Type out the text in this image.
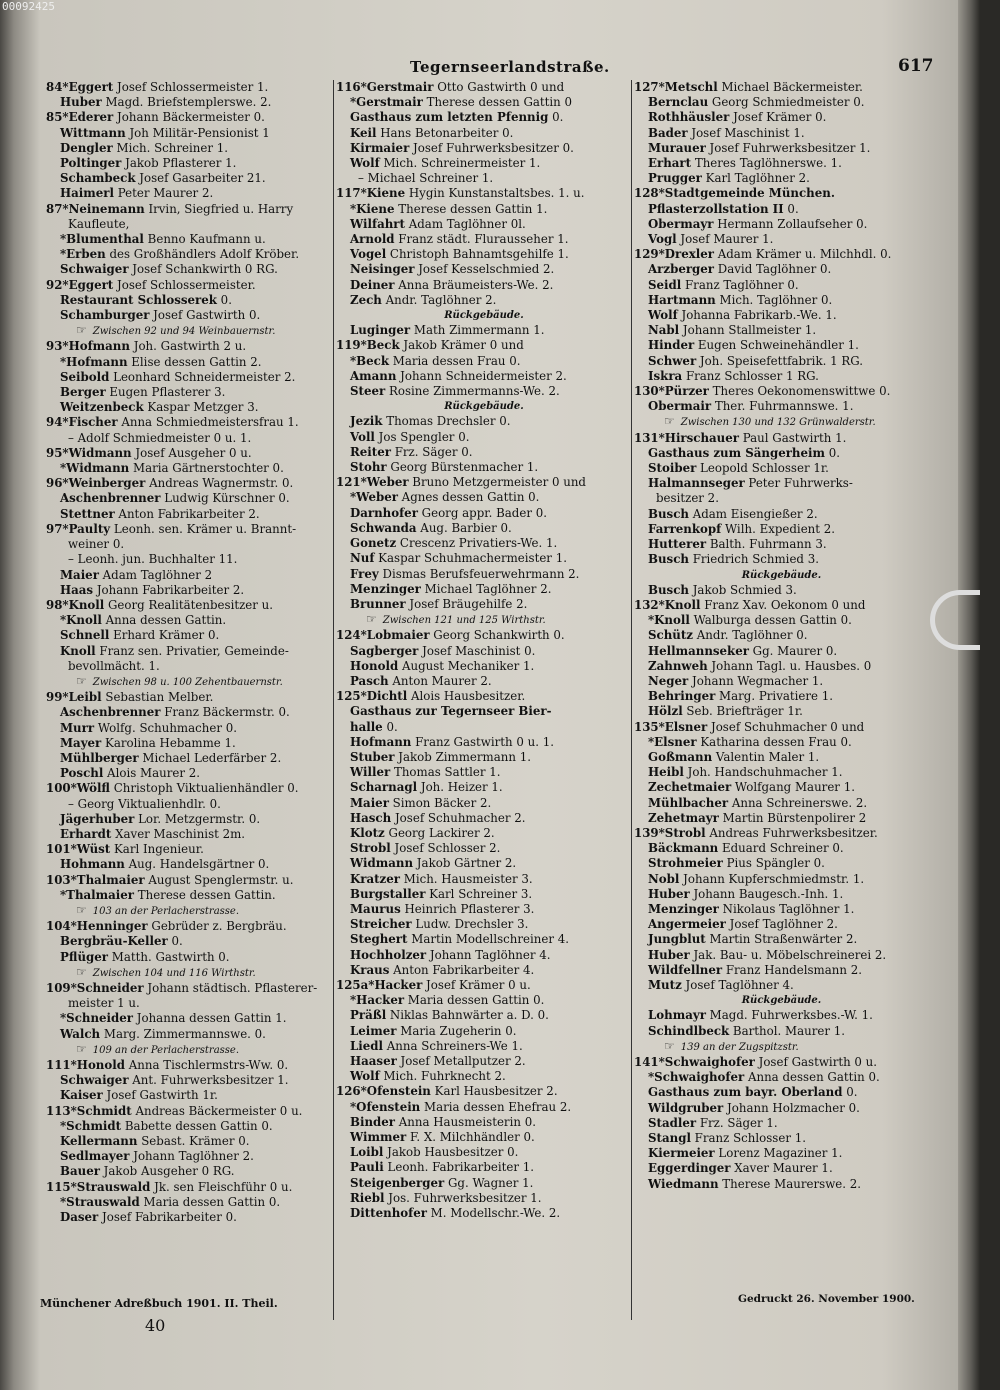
00092425
Tegernseerlandstraße.	617
84*Eggert Josef Schlossermeister 1.
Huber Magd. Briefstemplerswe. 2.
85*Ederer Johann Bäckermeister 0.
Wittmann Joh Militär-Pensionist 1
Dengler Mich. Schreiner 1.
Poltinger Jakob Pflasterer 1.
Schambeck Josef Gasarbeiter 21.
Haimerl Peter Maurer 2.
87*Neinemann Irvin, Siegfried u. Harry
Kaufleute,
*Blumenthal Benno Kaufmann u.
*Erben des Großhändlers Adolf Kröber.
Schwaiger Josef Schankwirth 0 RG.
92*Eggert Josef Schlossermeister.
Restaurant Schlosserek 0.
Schamburger Josef Gastwirth 0.
☞ Zwischen 92 und 94 Weinbauernstr.
93*Hofmann Joh. Gastwirth 2 u.
*Hofmann Elise dessen Gattin 2.
Seibold Leonhard Schneidermeister 2.
Berger Eugen Pflasterer 3.
Weitzenbeck Kaspar Metzger 3.
94*Fischer Anna Schmiedmeistersfrau 1.
– Adolf Schmiedmeister 0 u. 1.
95*Widmann Josef Ausgeher 0 u.
*Widmann Maria Gärtnerstochter 0.
96*Weinberger Andreas Wagnermstr. 0.
Aschenbrenner Ludwig Kürschner 0.
Stettner Anton Fabrikarbeiter 2.
97*Paulty Leonh. sen. Krämer u. Brannt-
weiner 0.
– Leonh. jun. Buchhalter 11.
Maier Adam Taglöhner 2
Haas Johann Fabrikarbeiter 2.
98*Knoll Georg Realitätenbesitzer u.
*Knoll Anna dessen Gattin.
Schnell Erhard Krämer 0.
Knoll Franz sen. Privatier, Gemeinde-
bevollmächt. 1.
☞ Zwischen 98 u. 100 Zehentbauernstr.
99*Leibl Sebastian Melber.
Aschenbrenner Franz Bäckermstr. 0.
Murr Wolfg. Schuhmacher 0.
Mayer Karolina Hebamme 1.
Mühlberger Michael Lederfärber 2.
Poschl Alois Maurer 2.
100*Wölfl Christoph Viktualienhändler 0.
– Georg Viktualienhdlr. 0.
Jägerhuber Lor. Metzgermstr. 0.
Erhardt Xaver Maschinist 2m.
101*Wüst Karl Ingenieur.
Hohmann Aug. Handelsgärtner 0.
103*Thalmaier August Spenglermstr. u.
*Thalmaier Therese dessen Gattin.
☞ 103 an der Perlacherstrasse.
104*Henninger Gebrüder z. Bergbräu.
Bergbräu-Keller 0.
Pflüger Matth. Gastwirth 0.
☞ Zwischen 104 und 116 Wirthstr.
109*Schneider Johann städtisch. Pflasterer-
meister 1 u.
*Schneider Johanna dessen Gattin 1.
Walch Marg. Zimmermannswe. 0.
☞ 109 an der Perlacherstrasse.
111*Honold Anna Tischlermstrs-Ww. 0.
Schwaiger Ant. Fuhrwerksbesitzer 1.
Kaiser Josef Gastwirth 1r.
113*Schmidt Andreas Bäckermeister 0 u.
*Schmidt Babette dessen Gattin 0.
Kellermann Sebast. Krämer 0.
Sedlmayer Johann Taglöhner 2.
Bauer Jakob Ausgeher 0 RG.
115*Strauswald Jk. sen Fleischführ 0 u.
*Strauswald Maria dessen Gattin 0.
Daser Josef Fabrikarbeiter 0.
116*Gerstmair Otto Gastwirth 0 und
*Gerstmair Therese dessen Gattin 0
Gasthaus zum letzten Pfennig 0.
Keil Hans Betonarbeiter 0.
Kirmaier Josef Fuhrwerksbesitzer 0.
Wolf Mich. Schreinermeister 1.
– Michael Schreiner 1.
117*Kiene Hygin Kunstanstaltsbes. 1. u.
*Kiene Therese dessen Gattin 1.
Wilfahrt Adam Taglöhner 0l.
Arnold Franz städt. Flurausseher 1.
Vogel Christoph Bahnamtsgehilfe 1.
Neisinger Josef Kesselschmied 2.
Deiner Anna Bräumeisters-We. 2.
Zech Andr. Taglöhner 2.
Rückgebäude.
Luginger Math Zimmermann 1.
119*Beck Jakob Krämer 0 und
*Beck Maria dessen Frau 0.
Amann Johann Schneidermeister 2.
Steer Rosine Zimmermanns-We. 2.
Rückgebäude.
Jezik Thomas Drechsler 0.
Voll Jos Spengler 0.
Reiter Frz. Säger 0.
Stohr Georg Bürstenmacher 1.
121*Weber Bruno Metzgermeister 0 und
*Weber Agnes dessen Gattin 0.
Darnhofer Georg appr. Bader 0.
Schwanda Aug. Barbier 0.
Gonetz Crescenz Privatiers-We. 1.
Nuf Kaspar Schuhmachermeister 1.
Frey Dismas Berufsfeuerwehrmann 2.
Menzinger Michael Taglöhner 2.
Brunner Josef Bräugehilfe 2.
☞ Zwischen 121 und 125 Wirthstr.
124*Lobmaier Georg Schankwirth 0.
Sagberger Josef Maschinist 0.
Honold August Mechaniker 1.
Pasch Anton Maurer 2.
125*Dichtl Alois Hausbesitzer.
Gasthaus zur Tegernseer Bier-
halle 0.
Hofmann Franz Gastwirth 0 u. 1.
Stuber Jakob Zimmermann 1.
Willer Thomas Sattler 1.
Scharnagl Joh. Heizer 1.
Maier Simon Bäcker 2.
Hasch Josef Schuhmacher 2.
Klotz Georg Lackirer 2.
Strobl Josef Schlosser 2.
Widmann Jakob Gärtner 2.
Kratzer Mich. Hausmeister 3.
Burgstaller Karl Schreiner 3.
Maurus Heinrich Pflasterer 3.
Streicher Ludw. Drechsler 3.
Steghert Martin Modellschreiner 4.
Hochholzer Johann Taglöhner 4.
Kraus Anton Fabrikarbeiter 4.
125a*Hacker Josef Krämer 0 u.
*Hacker Maria dessen Gattin 0.
Präßl Niklas Bahnwärter a. D. 0.
Leimer Maria Zugeherin 0.
Liedl Anna Schreiners-We 1.
Haaser Josef Metallputzer 2.
Wolf Mich. Fuhrknecht 2.
126*Ofenstein Karl Hausbesitzer 2.
*Ofenstein Maria dessen Ehefrau 2.
Binder Anna Hausmeisterin 0.
Wimmer F. X. Milchhändler 0.
Loibl Jakob Hausbesitzer 0.
Pauli Leonh. Fabrikarbeiter 1.
Steigenberger Gg. Wagner 1.
Riebl Jos. Fuhrwerksbesitzer 1.
Dittenhofer M. Modellschr.-We. 2.
127*Metschl Michael Bäckermeister.
Bernclau Georg Schmiedmeister 0.
Rothhäusler Josef Krämer 0.
Bader Josef Maschinist 1.
Murauer Josef Fuhrwerksbesitzer 1.
Erhart Theres Taglöhnerswe. 1.
Prugger Karl Taglöhner 2.
128*Stadtgemeinde München.
Pflasterzollstation II 0.
Obermayr Hermann Zollaufseher 0.
Vogl Josef Maurer 1.
129*Drexler Adam Krämer u. Milchhdl. 0.
Arzberger David Taglöhner 0.
Seidl Franz Taglöhner 0.
Hartmann Mich. Taglöhner 0.
Wolf Johanna Fabrikarb.-We. 1.
Nabl Johann Stallmeister 1.
Hinder Eugen Schweinehändler 1.
Schwer Joh. Speisefettfabrik. 1 RG.
Iskra Franz Schlosser 1 RG.
130*Pürzer Theres Oekonomenswittwe 0.
Obermair Ther. Fuhrmannswe. 1.
☞ Zwischen 130 und 132 Grünwalderstr.
131*Hirschauer Paul Gastwirth 1.
Gasthaus zum Sängerheim 0.
Stoiber Leopold Schlosser 1r.
Halmannseger Peter Fuhrwerks-
besitzer 2.
Busch Adam Eisengießer 2.
Farrenkopf Wilh. Expedient 2.
Hutterer Balth. Fuhrmann 3.
Busch Friedrich Schmied 3.
Rückgebäude.
Busch Jakob Schmied 3.
132*Knoll Franz Xav. Oekonom 0 und
*Knoll Walburga dessen Gattin 0.
Schütz Andr. Taglöhner 0.
Hellmannseker Gg. Maurer 0.
Zahnweh Johann Tagl. u. Hausbes. 0
Neger Johann Wegmacher 1.
Behringer Marg. Privatiere 1.
Hölzl Seb. Briefträger 1r.
135*Elsner Josef Schuhmacher 0 und
*Elsner Katharina dessen Frau 0.
Goßmann Valentin Maler 1.
Heibl Joh. Handschuhmacher 1.
Zechetmaier Wolfgang Maurer 1.
Mühlbacher Anna Schreinerswe. 2.
Zehetmayr Martin Bürstenpolirer 2
139*Strobl Andreas Fuhrwerksbesitzer.
Bäckmann Eduard Schreiner 0.
Strohmeier Pius Spängler 0.
Nobl Johann Kupferschmiedmstr. 1.
Huber Johann Baugesch.-Inh. 1.
Menzinger Nikolaus Taglöhner 1.
Angermeier Josef Taglöhner 2.
Jungblut Martin Straßenwärter 2.
Huber Jak. Bau- u. Möbelschreinerei 2.
Wildfellner Franz Handelsmann 2.
Mutz Josef Taglöhner 4.
Rückgebäude.
Lohmayr Magd. Fuhrwerksbes.-W. 1.
Schindlbeck Barthol. Maurer 1.
☞ 139 an der Zugspitzstr.
141*Schwaighofer Josef Gastwirth 0 u.
*Schwaighofer Anna dessen Gattin 0.
Gasthaus zum bayr. Oberland 0.
Wildgruber Johann Holzmacher 0.
Stadler Frz. Säger 1.
Stangl Franz Schlosser 1.
Kiermeier Lorenz Magaziner 1.
Eggerdinger Xaver Maurer 1.
Wiedmann Therese Maurerswe. 2.
Münchener Adreßbuch 1901. II. Theil.
40
Gedruckt 26. November 1900.
